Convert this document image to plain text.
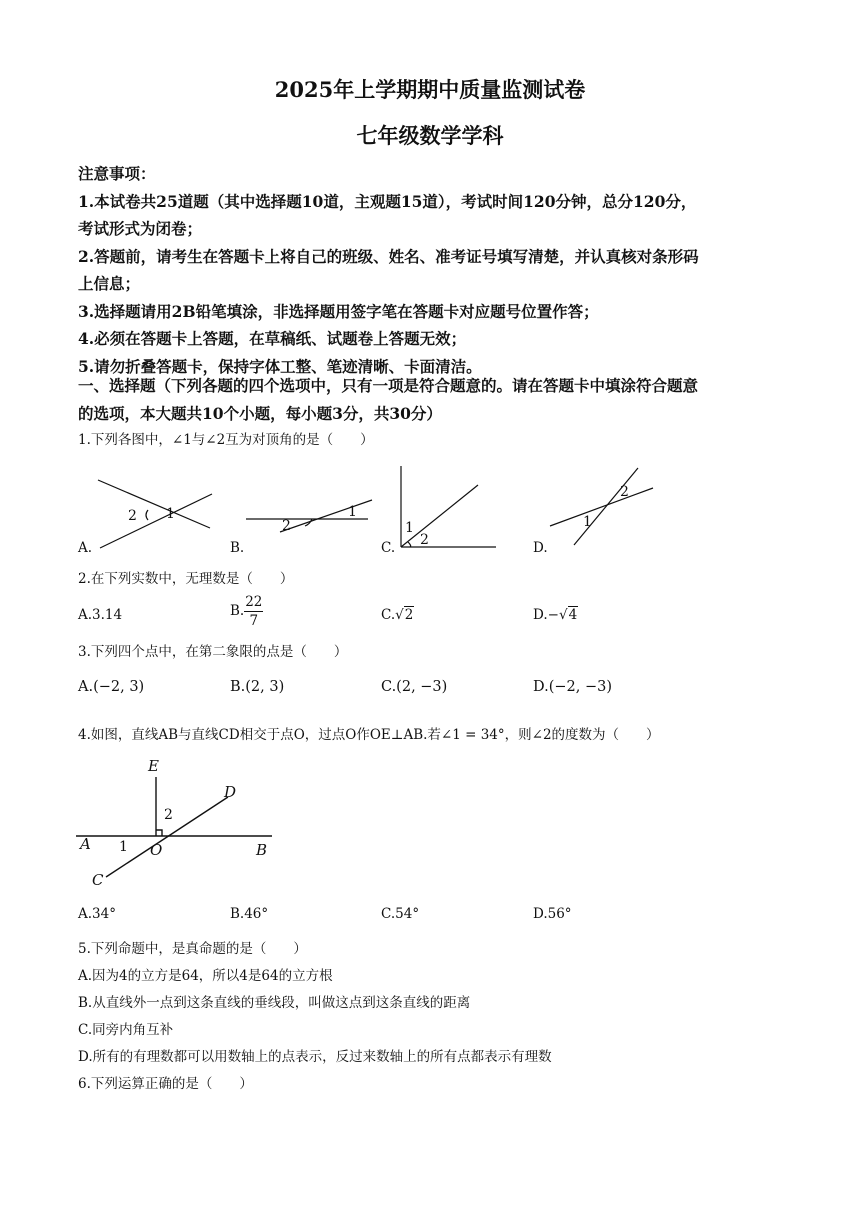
2025年上学期期中质量监测试卷
七年级数学学科
注意事项：
1.本试卷共25道题（其中选择题10道，主观题15道），考试时间120分钟，总分120分，
考试形式为闭卷；
2.答题前，请考生在答题卡上将自己的班级、姓名、准考证号填写清楚，并认真核对条形码
上信息；
3.选择题请用2B铅笔填涂，非选择题用签字笔在答题卡对应题号位置作答；
4.必须在答题卡上答题，在草稿纸、试题卷上答题无效；
5.请勿折叠答题卡，保持字体工整、笔迹清晰、卡面清洁。
一、选择题（下列各题的四个选项中，只有一项是符合题意的。请在答题卡中填涂符合题意
的选项，本大题共10个小题，每小题3分，共30分）
1.下列各图中，∠1与∠2互为对顶角的是（　　）
2 1
2
1
1
2
2
1
A.	B.	C.	D.
2.在下列实数中，无理数是（　　）
A.3.14	B. $\frac{22}{7}$	C.√2	D.−√4
3.下列四个点中，在第二象限的点是（　　）
A.(−2, 3)	B.(2, 3)	C.(2, −3)	D.(−2, −3)
4.如图，直线AB与直线CD相交于点O，过点O作OE⊥AB.若∠1 = 34°，则∠2的度数为（　　）
E
D
A	B
C
O
1
2
A.34°	B.46°	C.54°	D.56°
5.下列命题中，是真命题的是（　　）
A.因为4的立方是64，所以4是64的立方根
B.从直线外一点到这条直线的垂线段，叫做这点到这条直线的距离
C.同旁内角互补
D.所有的有理数都可以用数轴上的点表示，反过来数轴上的所有点都表示有理数
6.下列运算正确的是（　　）
